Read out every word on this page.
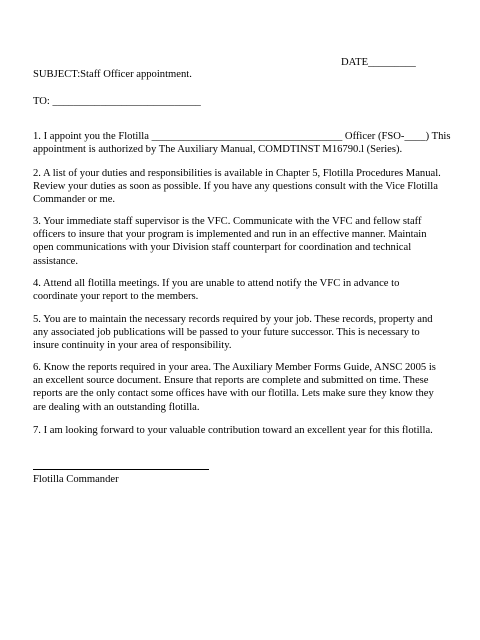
DATE_________
SUBJECT:Staff Officer appointment.
TO: ____________________________
1. I appoint you the Flotilla ____________________________________ Officer (FSO-____) This
appointment is authorized by The Auxiliary Manual, COMDTINST M16790.l (Series).
2. A list of your duties and responsibilities is available in Chapter 5, Flotilla Procedures Manual.
Review your duties as soon as possible. If you have any questions consult with the Vice Flotilla
Commander or me.
3. Your immediate staff supervisor is the VFC. Communicate with the VFC and fellow staff
officers to insure that your program is implemented and run in an effective manner. Maintain
open communications with your Division staff counterpart for coordination and technical
assistance.
4. Attend all flotilla meetings. If you are unable to attend notify the VFC in advance to
coordinate your report to the members.
5. You are to maintain the necessary records required by your job. These records, property and
any associated job publications will be passed to your future successor. This is necessary to
insure continuity in your area of responsibility.
6. Know the reports required in your area. The Auxiliary Member Forms Guide, ANSC 2005 is
an excellent source document. Ensure that reports are complete and submitted on time. These
reports are the only contact some offices have with our flotilla. Lets make sure they know they
are dealing with an outstanding flotilla.
7. I am looking forward to your valuable contribution toward an excellent year for this flotilla.
Flotilla Commander
